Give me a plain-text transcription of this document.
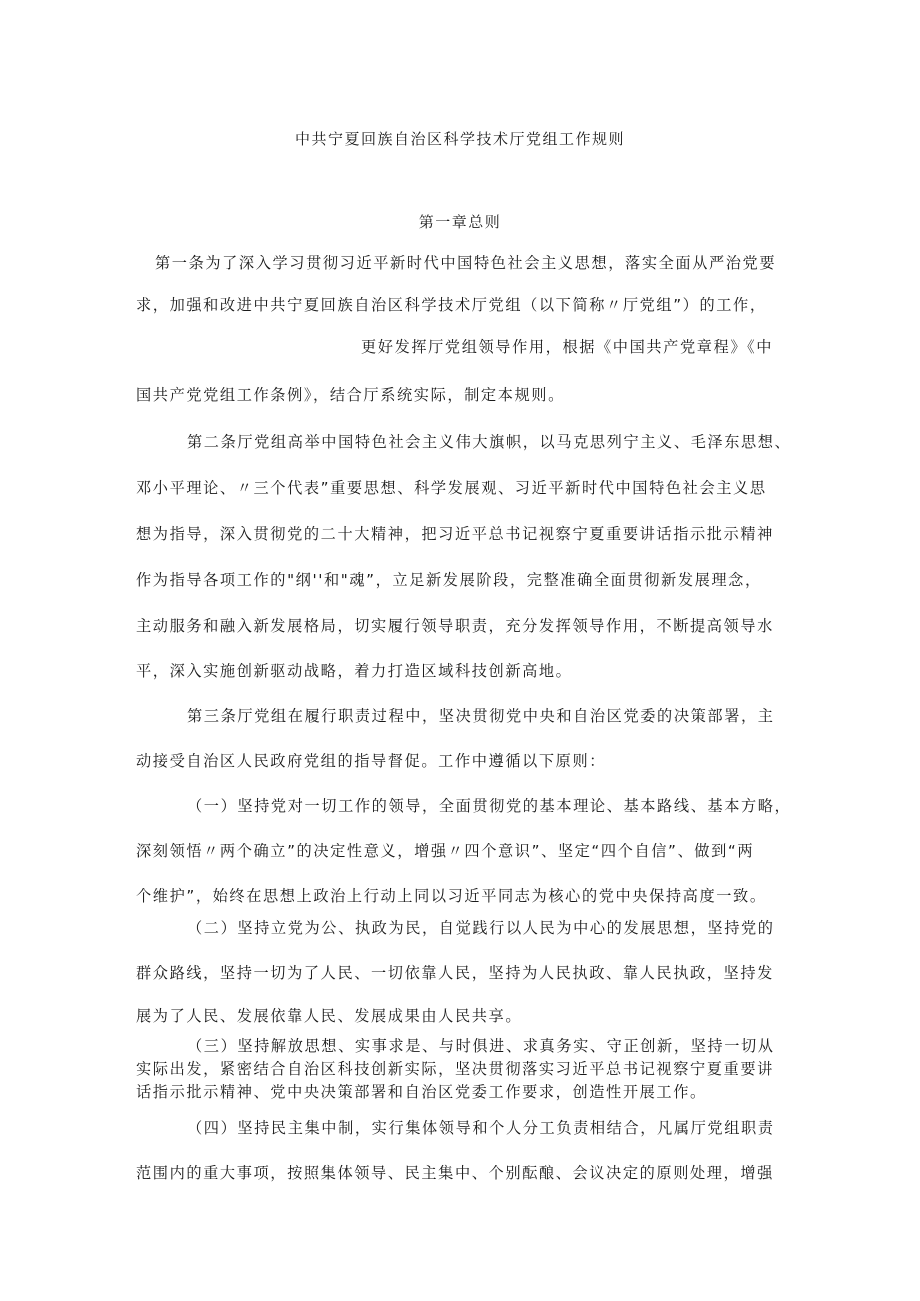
中共宁夏回族自治区科学技术厅党组工作规则
第一章总则
第一条为了深入学习贯彻习近平新时代中国特色社会主义思想，落实全面从严治党要
求，加强和改进中共宁夏回族自治区科学技术厅党组（以下简称〃厅党组”）的工作，
更好发挥厅党组领导作用，根据《中国共产党章程》《中
国共产党党组工作条例》，结合厅系统实际，制定本规则。
第二条厅党组高举中国特色社会主义伟大旗帜，以马克思列宁主义、毛泽东思想、
邓小平理论、〃三个代表”重要思想、科学发展观、习近平新时代中国特色社会主义思
想为指导，深入贯彻党的二十大精神，把习近平总书记视察宁夏重要讲话指示批示精神
作为指导各项工作的"纲''和"魂”，立足新发展阶段，完整准确全面贯彻新发展理念，
主动服务和融入新发展格局，切实履行领导职责，充分发挥领导作用，不断提高领导水
平，深入实施创新驱动战略，着力打造区域科技创新高地。
第三条厅党组在履行职责过程中，坚决贯彻党中央和自治区党委的决策部署，主
动接受自治区人民政府党组的指导督促。工作中遵循以下原则：
（一）坚持党对一切工作的领导，全面贯彻党的基本理论、基本路线、基本方略，
深刻领悟〃两个确立”的决定性意义，增强〃四个意识”、坚定“四个自信”、做到“两
个维护”，始终在思想上政治上行动上同以习近平同志为核心的党中央保持高度一致。
（二）坚持立党为公、执政为民，自觉践行以人民为中心的发展思想，坚持党的
群众路线，坚持一切为了人民、一切依靠人民，坚持为人民执政、靠人民执政，坚持发
展为了人民、发展依靠人民、发展成果由人民共享。
（三）坚持解放思想、实事求是、与时俱进、求真务实、守正创新，坚持一切从
实际出发，紧密结合自治区科技创新实际，坚决贯彻落实习近平总书记视察宁夏重要讲
话指示批示精神、党中央决策部署和自治区党委工作要求，创造性开展工作。
（四）坚持民主集中制，实行集体领导和个人分工负责相结合，凡属厅党组职责
范围内的重大事项，按照集体领导、民主集中、个别酝酿、会议决定的原则处理，增强
